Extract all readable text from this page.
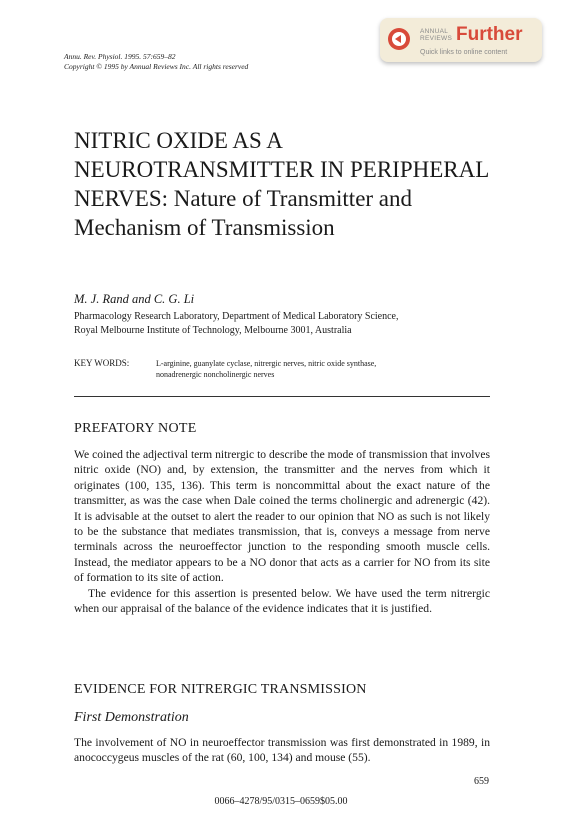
Annu. Rev. Physiol. 1995. 57:659–82
Copyright © 1995 by Annual Reviews Inc. All rights reserved
ANNUAL
REVIEWS Further
Quick links to online content
NITRIC OXIDE AS A NEUROTRANSMITTER IN PERIPHERAL NERVES: Nature of Transmitter and Mechanism of Transmission
M. J. Rand and C. G. Li
Pharmacology Research Laboratory, Department of Medical Laboratory Science,
Royal Melbourne Institute of Technology, Melbourne 3001, Australia
KEY WORDS:	L-arginine, guanylate cyclase, nitrergic nerves, nitric oxide synthase,
nonadrenergic noncholinergic nerves
PREFATORY NOTE

We coined the adjectival term nitrergic to describe the mode of transmission that involves nitric oxide (NO) and, by extension, the transmitter and the nerves from which it originates (100, 135, 136). This term is noncommittal about the exact nature of the transmitter, as was the case when Dale coined the terms cholinergic and adrenergic (42). It is advisable at the outset to alert the reader to our opinion that NO as such is not likely to be the substance that mediates transmission, that is, conveys a message from nerve terminals across the neuroeffector junction to the responding smooth muscle cells. Instead, the mediator appears to be a NO donor that acts as a carrier for NO from its site of formation to its site of action.

The evidence for this assertion is presented below. We have used the term nitrergic when our appraisal of the balance of the evidence indicates that it is justified.

EVIDENCE FOR NITRERGIC TRANSMISSION
First Demonstration

The involvement of NO in neuroeffector transmission was first demonstrated in 1989, in anococcygeus muscles of the rat (60, 100, 134) and mouse (55).

659
0066–4278/95/0315–0659$05.00
